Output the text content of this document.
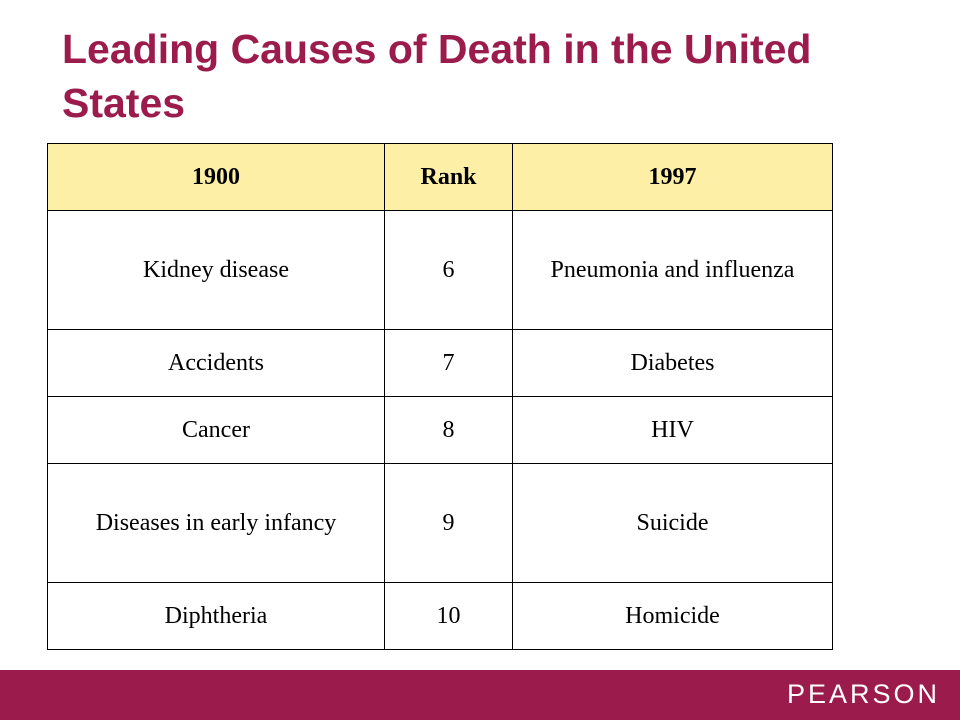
Leading Causes of Death in the United States
1900	Rank	1997
Kidney disease	6	Pneumonia and influenza
Accidents	7	Diabetes
Cancer	8	HIV
Diseases in early infancy	9	Suicide
Diphtheria	10	Homicide
PEARSON
